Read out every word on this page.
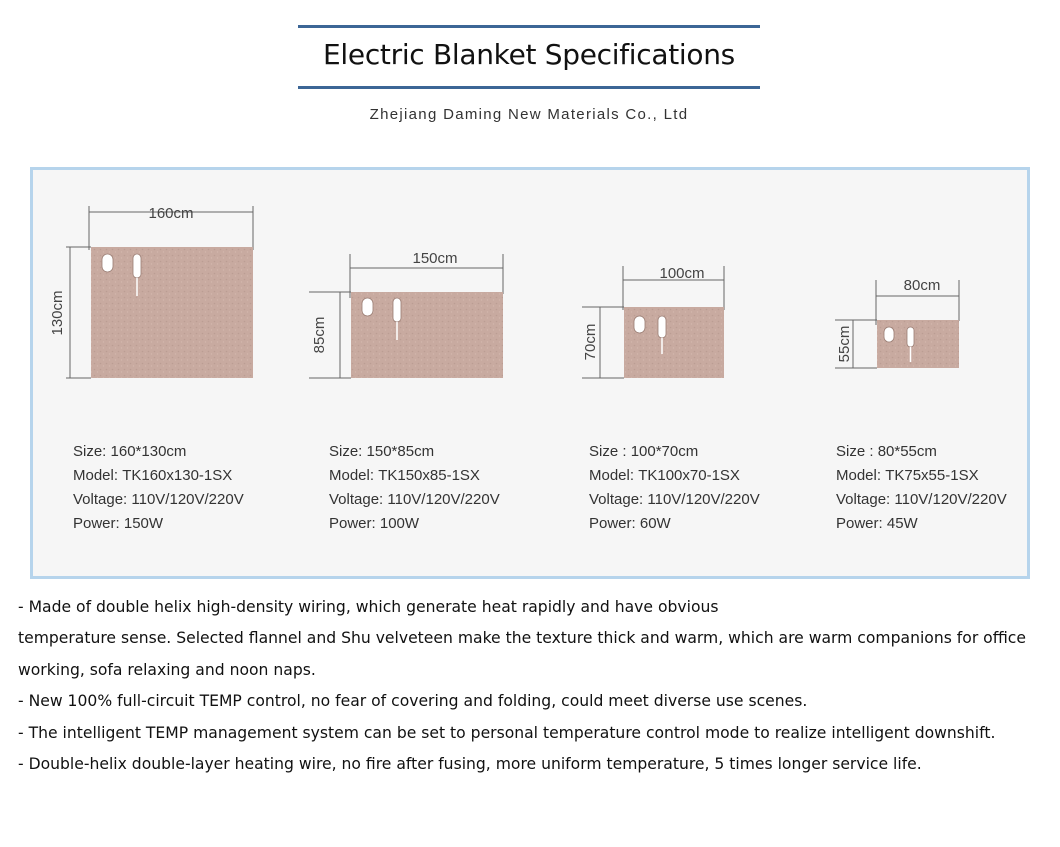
Electric Blanket Specifications
Zhejiang Daming New Materials Co., Ltd
160cm
130cm
150cm
85cm
100cm
70cm
80cm
55cm
Size: 160*130cm
Model: TK160x130-1SX
Voltage: 110V/120V/220V
Power: 150W
Size: 150*85cm
Model: TK150x85-1SX
Voltage: 110V/120V/220V
Power: 100W
Size : 100*70cm
Model: TK100x70-1SX
Voltage: 110V/120V/220V
Power: 60W
Size : 80*55cm
Model: TK75x55-1SX
Voltage: 110V/120V/220V
Power: 45W

- Made of double helix high-density wiring, which generate heat rapidly and have obvious

temperature sense. Selected flannel and Shu velveteen make the texture thick and warm, which are warm companions for office working, sofa relaxing and noon naps.

- New 100% full-circuit TEMP control, no fear of covering and folding, could meet diverse use scenes.

- The intelligent TEMP management system can be set to personal temperature control mode to realize intelligent downshift.

- Double-helix double-layer heating wire, no fire after fusing, more uniform temperature, 5 times longer service life.
